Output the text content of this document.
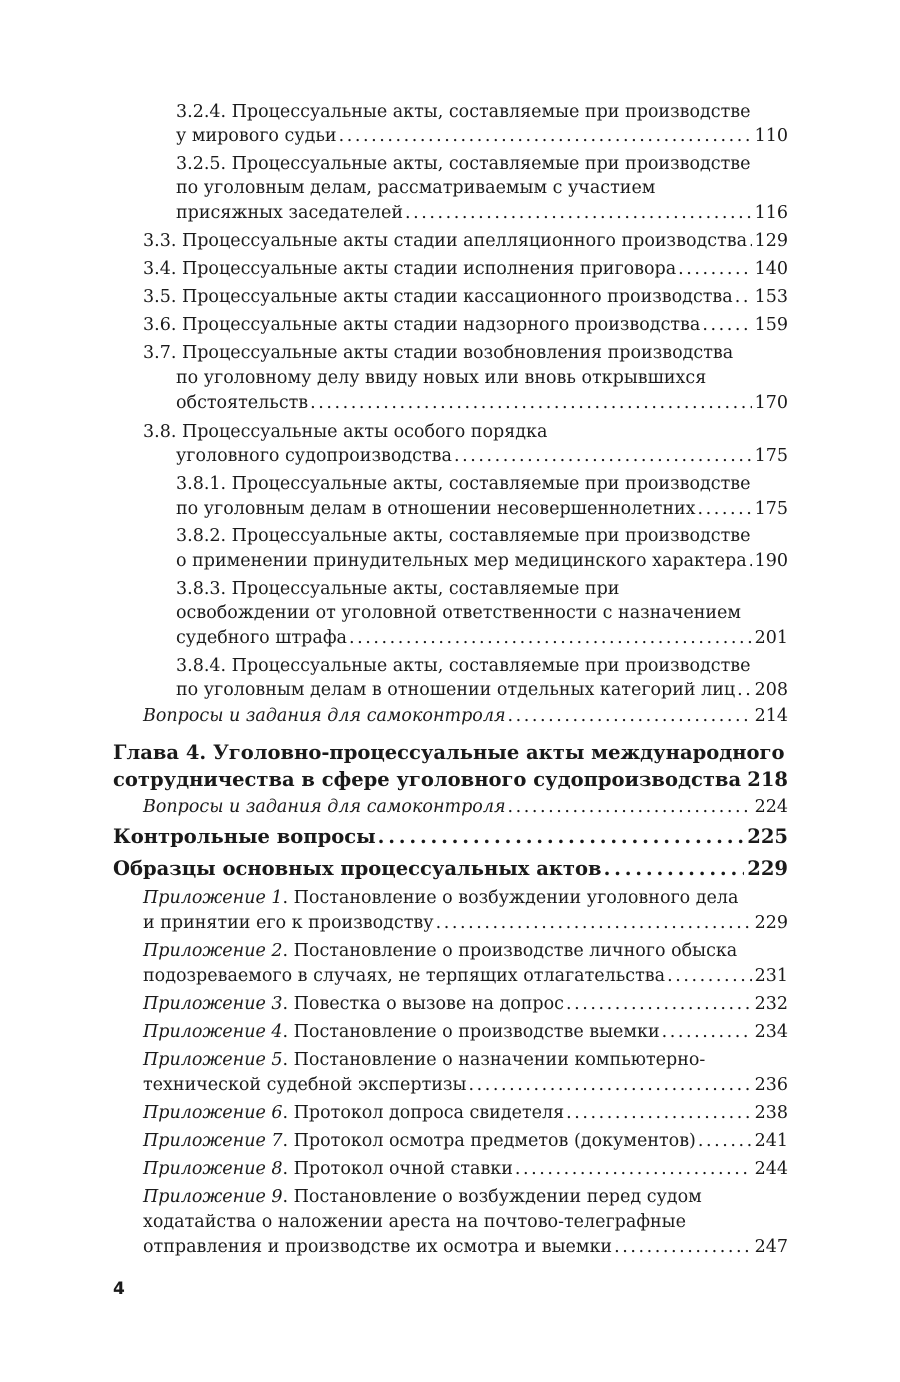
3.2.4. Процессуальные акты, составляемые при производстве
у мирового судьи . . .	110
3.2.5. Процессуальные акты, составляемые при производстве
по уголовным делам, рассматриваемым с участием
присяжных заседателей . . .	116
3.3. Процессуальные акты стадии апелляционного производства . . . 129
3.4. Процессуальные акты стадии исполнения приговора . . .	140
3.5. Процессуальные акты стадии кассационного производства . . . 153
3.6. Процессуальные акты стадии надзорного производства . . .	159
3.7. Процессуальные акты стадии возобновления производства
по уголовному делу ввиду новых или вновь открывшихся
обстоятельств . . .	170
3.8. Процессуальные акты особого порядка
уголовного судопроизводства . . .	175
3.8.1. Процессуальные акты, составляемые при производстве
по уголовным делам в отношении несовершеннолетних . . .	175
3.8.2. Процессуальные акты, составляемые при производстве
о применении принудительных мер медицинского характера . . . 190
3.8.3. Процессуальные акты, составляемые при
освобождении от уголовной ответственности с назначением
судебного штрафа . . .	201
3.8.4. Процессуальные акты, составляемые при производстве
по уголовным делам в отношении отдельных категорий лиц . . . 208
Вопросы и задания для самоконтроля . . .	214
Глава 4. Уголовно-процессуальные акты международного
сотрудничества в сфере уголовного судопроизводства . . . 218
Вопросы и задания для самоконтроля . . .	224
Контрольные вопросы . . .	225
Образцы основных процессуальных актов . . .	229
Приложение 1. Постановление о возбуждении уголовного дела
и принятии его к производству . . .	229
Приложение 2. Постановление о производстве личного обыска
подозреваемого в случаях, не терпящих отлагательства . . .	231
Приложение 3. Повестка о вызове на допрос . . .	232
Приложение 4. Постановление о производстве выемки . . .	234
Приложение 5. Постановление о назначении компьютерно-
технической судебной экспертизы . . .	236
Приложение 6. Протокол допроса свидетеля . . .	238
Приложение 7. Протокол осмотра предметов (документов) . . .	241
Приложение 8. Протокол очной ставки . . .	244
Приложение 9. Постановление о возбуждении перед судом
ходатайства о наложении ареста на почтово-телеграфные
отправления и производстве их осмотра и выемки . . .	247
4
